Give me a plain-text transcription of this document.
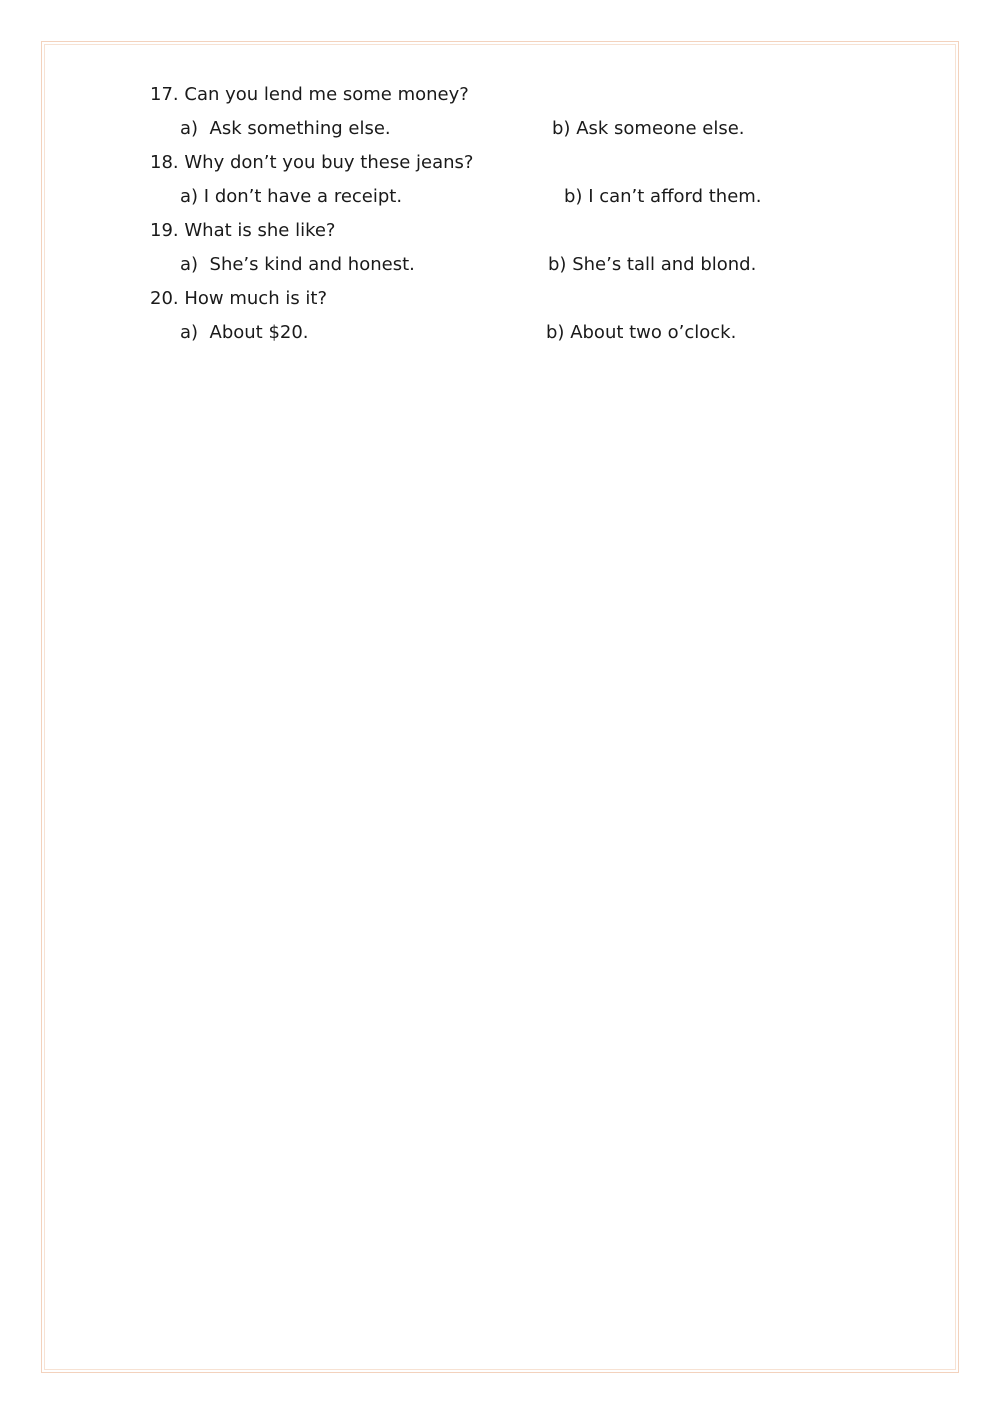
17. Can you lend me some money?
a) Ask something else.	b) Ask someone else.
18. Why don’t you buy these jeans?
a) I don’t have a receipt.	b) I can’t afford them.
19. What is she like?
a) She’s kind and honest.	b) She’s tall and blond.
20. How much is it?
a) About $20.	b) About two o’clock.
